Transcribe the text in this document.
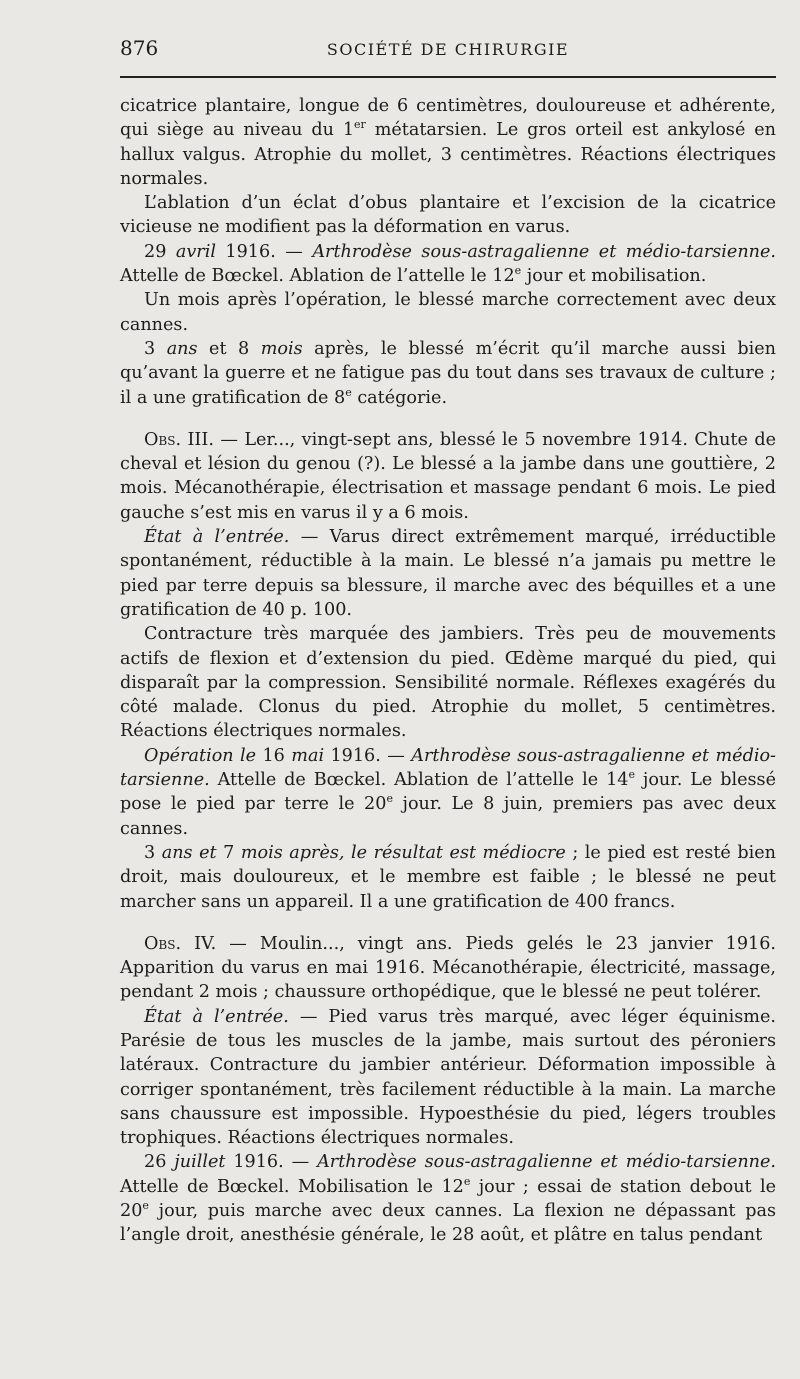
876	SOCIÉTÉ DE CHIRURGIE

cicatrice plantaire, longue de 6 centimètres, douloureuse et adhérente, qui siège au niveau du 1er métatarsien. Le gros orteil est ankylosé en hallux valgus. Atrophie du mollet, 3 centimètres. Réactions électriques normales.

L’ablation d’un éclat d’obus plantaire et l’excision de la cicatrice vicieuse ne modifient pas la déformation en varus.

29 avril 1916. — Arthrodèse sous-astragalienne et médio-tarsienne. Attelle de Bœckel. Ablation de l’attelle le 12e jour et mobilisation.

Un mois après l’opération, le blessé marche correctement avec deux cannes.

3 ans et 8 mois après, le blessé m’écrit qu’il marche aussi bien qu’avant la guerre et ne fatigue pas du tout dans ses travaux de culture ; il a une gratification de 8e catégorie.

Obs. III. — Ler..., vingt-sept ans, blessé le 5 novembre 1914. Chute de cheval et lésion du genou (?). Le blessé a la jambe dans une gouttière, 2 mois. Mécanothérapie, électrisation et massage pendant 6 mois. Le pied gauche s’est mis en varus il y a 6 mois.

État à l’entrée. — Varus direct extrêmement marqué, irréductible spontanément, réductible à la main. Le blessé n’a jamais pu mettre le pied par terre depuis sa blessure, il marche avec des béquilles et a une gratification de 40 p. 100.

Contracture très marquée des jambiers. Très peu de mouvements actifs de flexion et d’extension du pied. Œdème marqué du pied, qui disparaît par la compression. Sensibilité normale. Réflexes exagérés du côté malade. Clonus du pied. Atrophie du mollet, 5 centimètres. Réactions électriques normales.

Opération le 16 mai 1916. — Arthrodèse sous-astragalienne et médio-tarsienne. Attelle de Bœckel. Ablation de l’attelle le 14e jour. Le blessé pose le pied par terre le 20e jour. Le 8 juin, premiers pas avec deux cannes.

3 ans et 7 mois après, le résultat est médiocre ; le pied est resté bien droit, mais douloureux, et le membre est faible ; le blessé ne peut marcher sans un appareil. Il a une gratification de 400 francs.

Obs. IV. — Moulin..., vingt ans. Pieds gelés le 23 janvier 1916. Apparition du varus en mai 1916. Mécanothérapie, électricité, massage, pendant 2 mois ; chaussure orthopédique, que le blessé ne peut tolérer.

État à l’entrée. — Pied varus très marqué, avec léger équinisme. Parésie de tous les muscles de la jambe, mais surtout des péroniers latéraux. Contracture du jambier antérieur. Déformation impossible à corriger spontanément, très facilement réductible à la main. La marche sans chaussure est impossible. Hypoesthésie du pied, légers troubles trophiques. Réactions électriques normales.

26 juillet 1916. — Arthrodèse sous-astragalienne et médio-tarsienne. Attelle de Bœckel. Mobilisation le 12e jour ; essai de station debout le 20e jour, puis marche avec deux cannes. La flexion ne dépassant pas l’angle droit, anesthésie générale, le 28 août, et plâtre en talus pendant
